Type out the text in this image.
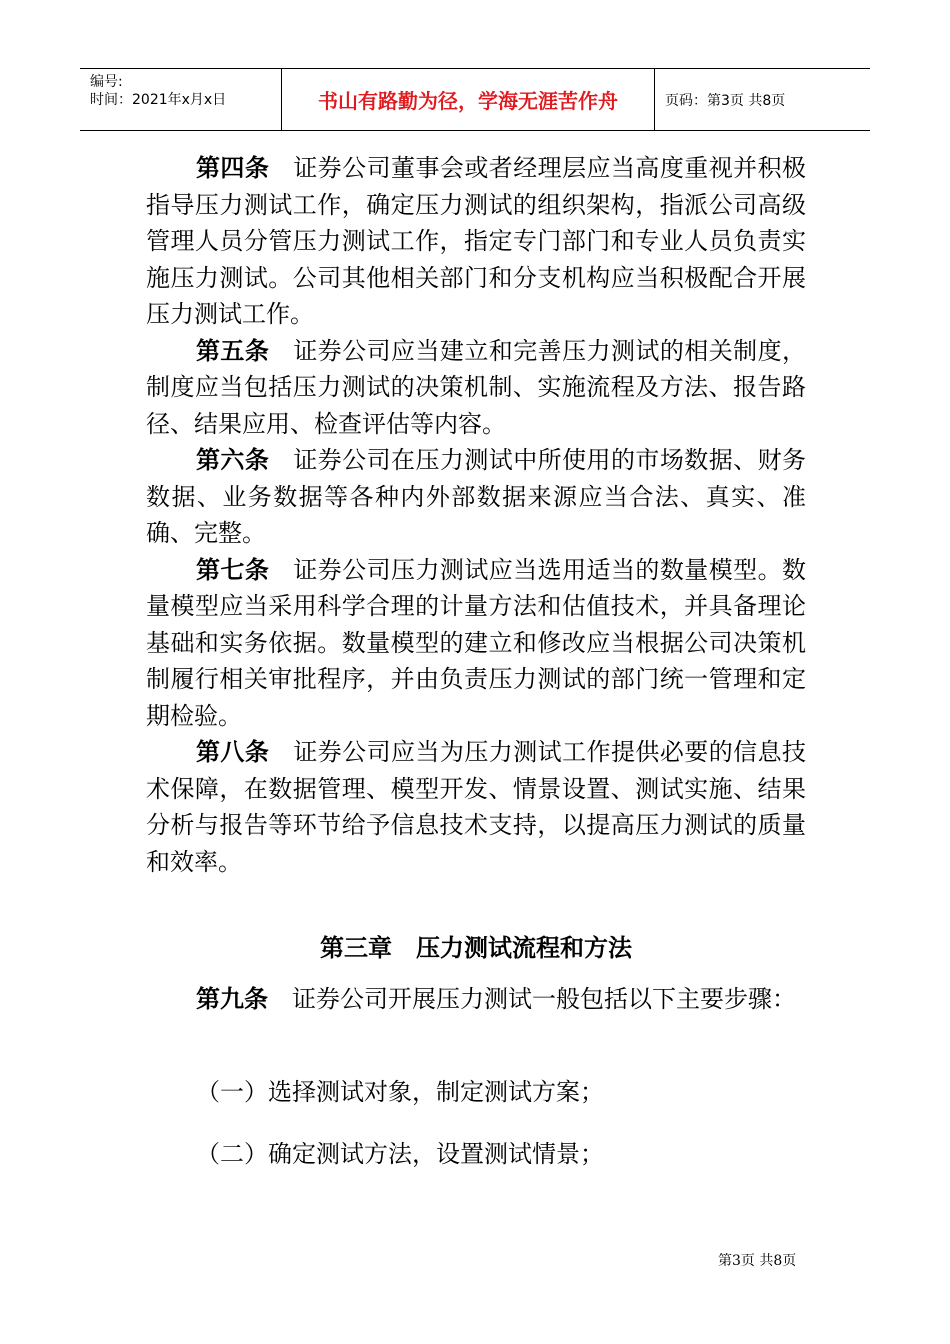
编号:
时间：2021年x月x日	书山有路勤为径，学海无涯苦作舟	页码：第3页 共8页

第四条 证券公司董事会或者经理层应当高度重视并积极指导压力测试工作，确定压力测试的组织架构，指派公司高级管理人员分管压力测试工作，指定专门部门和专业人员负责实施压力测试。公司其他相关部门和分支机构应当积极配合开展压力测试工作。

第五条 证券公司应当建立和完善压力测试的相关制度，制度应当包括压力测试的决策机制、实施流程及方法、报告路径、结果应用、检查评估等内容。

第六条 证券公司在压力测试中所使用的市场数据、财务数据、业务数据等各种内外部数据来源应当合法、真实、准确、完整。

第七条 证券公司压力测试应当选用适当的数量模型。数量模型应当采用科学合理的计量方法和估值技术，并具备理论基础和实务依据。数量模型的建立和修改应当根据公司决策机制履行相关审批程序，并由负责压力测试的部门统一管理和定期检验。

第八条 证券公司应当为压力测试工作提供必要的信息技术保障，在数据管理、模型开发、情景设置、测试实施、结果分析与报告等环节给予信息技术支持，以提高压力测试的质量和效率。

第三章　压力测试流程和方法

第九条 证券公司开展压力测试一般包括以下主要步骤：

（一）选择测试对象，制定测试方案；
（二）确定测试方法，设置测试情景；
第3页 共8页
